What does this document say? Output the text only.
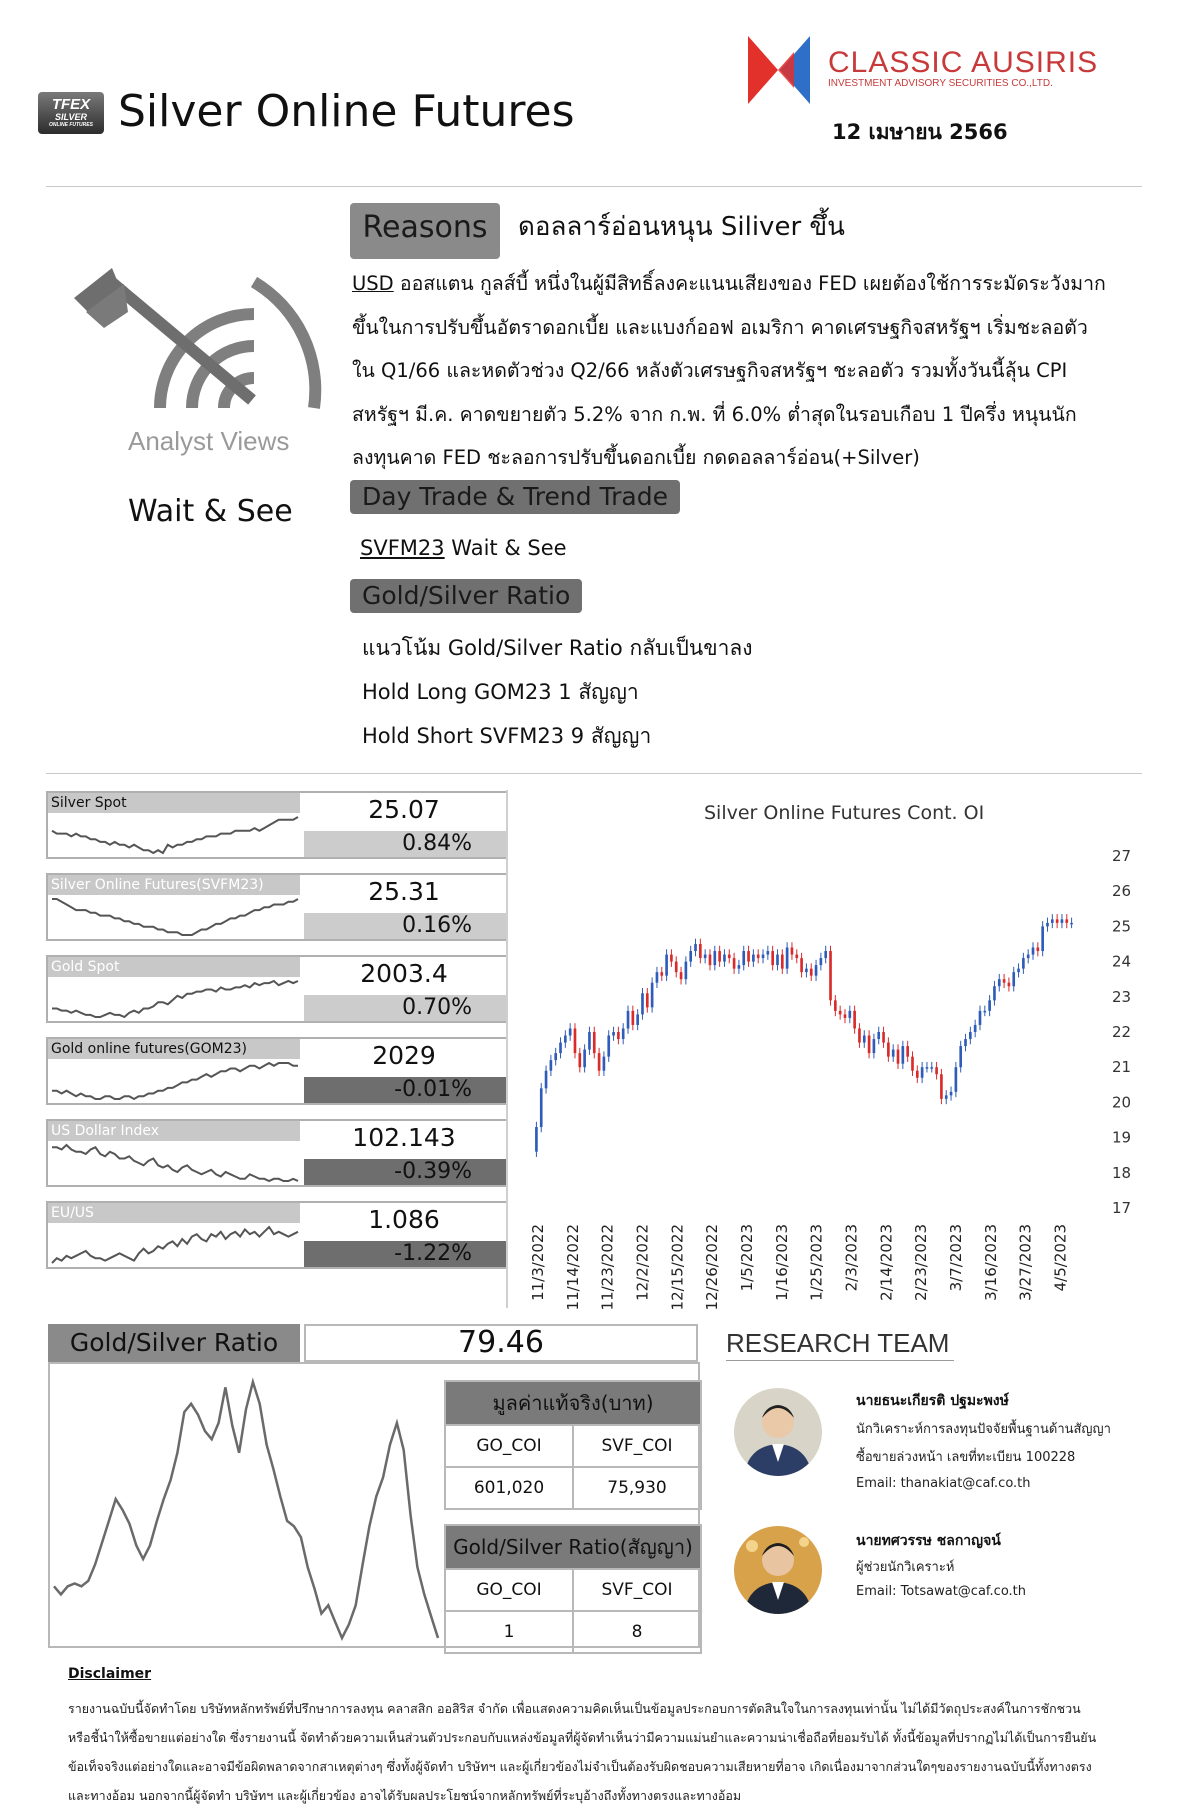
TFEX
SILVER
ONLINE FUTURES Silver Online Futures
CLASSIC AUSIRIS
INVESTMENT ADVISORY SECURITIES CO.,LTD.
12 เมษายน 2566
Analyst Views
Wait & See
Reasons	ดอลลาร์อ่อนหนุน Siliver ขึ้น
USD ออสแตน กูลส์บี้ หนึ่งในผู้มีสิทธิ์ลงคะแนนเสียงของ FED เผยต้องใช้การระมัดระวังมาก
ขึ้นในการปรับขึ้นอัตราดอกเบี้ย และแบงก์ออฟ อเมริกา คาดเศรษฐกิจสหรัฐฯ เริ่มชะลอตัว
ใน Q1/66 และหดตัวช่วง Q2/66 หลังตัวเศรษฐกิจสหรัฐฯ ชะลอตัว รวมทั้งวันนี้ลุ้น CPI
สหรัฐฯ มี.ค. คาดขยายตัว 5.2% จาก ก.พ. ที่ 6.0% ต่ำสุดในรอบเกือบ 1 ปีครึ่ง หนุนนัก
ลงทุนคาด FED ชะลอการปรับขึ้นดอกเบี้ย กดดอลลาร์อ่อน(+Silver)
Day Trade & Trend Trade
SVFM23 Wait & See
Gold/Silver Ratio
แนวโน้ม Gold/Silver Ratio กลับเป็นขาลง
Hold Long GOM23 1 สัญญา
Hold Short SVFM23 9 สัญญา
Silver Spot	25.07
0.84%
Silver Online Futures(SVFM23)	25.31
0.16%
Gold Spot	2003.4
0.70%
Gold online futures(GOM23)	2029
-0.01%
US Dollar Index	102.143
-0.39%
EU/US	1.086
-1.22%
Silver Online Futures Cont. OI
17
18
19
20
21
22
23
24
25
26
27
11/3/2022 11/14/2022 11/23/2022 12/2/2022 12/15/2022 12/26/2022 1/5/2023 1/16/2023 1/25/2023 2/3/2023 2/14/2023 2/23/2023 3/7/2023 3/16/2023 3/27/2023 4/5/2023
Gold/Silver Ratio	79.46
มูลค่าแท้จริง(บาท)	
GO_COI	SVF_COI
601,020	75,930
Gold/Silver Ratio(สัญญา)	
GO_COI	SVF_COI
1	8
RESEARCH TEAM
นายธนะเกียรติ ปฐมะพงษ์
นักวิเคราะห์การลงทุนปัจจัยพื้นฐานด้านสัญญา
ซื้อขายล่วงหน้า เลขที่ทะเบียน 100228
Email: thanakiat@caf.co.th
นายทศวรรษ ชลกาญจน์
ผู้ช่วยนักวิเคราะห์
Email: Totsawat@caf.co.th
Disclaimer
รายงานฉบับนี้จัดทำโดย บริษัทหลักทรัพย์ที่ปรึกษาการลงทุน คลาสสิก ออสิริส จำกัด เพื่อแสดงความคิดเห็นเป็นข้อมูลประกอบการตัดสินใจในการลงทุนเท่านั้น ไม่ได้มีวัตถุประสงค์ในการชักชวน
หรือชี้นำให้ซื้อขายแต่อย่างใด ซึ่งรายงานนี้ จัดทำด้วยความเห็นส่วนตัวประกอบกับแหล่งข้อมูลที่ผู้จัดทำเห็นว่ามีความแม่นยำและความน่าเชื่อถือที่ยอมรับได้ ทั้งนี้ข้อมูลที่ปรากฏไม่ได้เป็นการยืนยัน
ข้อเท็จจริงแต่อย่างใดและอาจมีข้อผิดพลาดจากสาเหตุต่างๆ ซึ่งทั้งผู้จัดทำ บริษัทฯ และผู้เกี่ยวข้องไม่จำเป็นต้องรับผิดชอบความเสียหายที่อาจ เกิดเนื่องมาจากส่วนใดๆของรายงานฉบับนี้ทั้งทางตรง
และทางอ้อม นอกจากนี้ผู้จัดทำ บริษัทฯ และผู้เกี่ยวข้อง อาจได้รับผลประโยชน์จากหลักทรัพย์ที่ระบุอ้างถึงทั้งทางตรงและทางอ้อม
